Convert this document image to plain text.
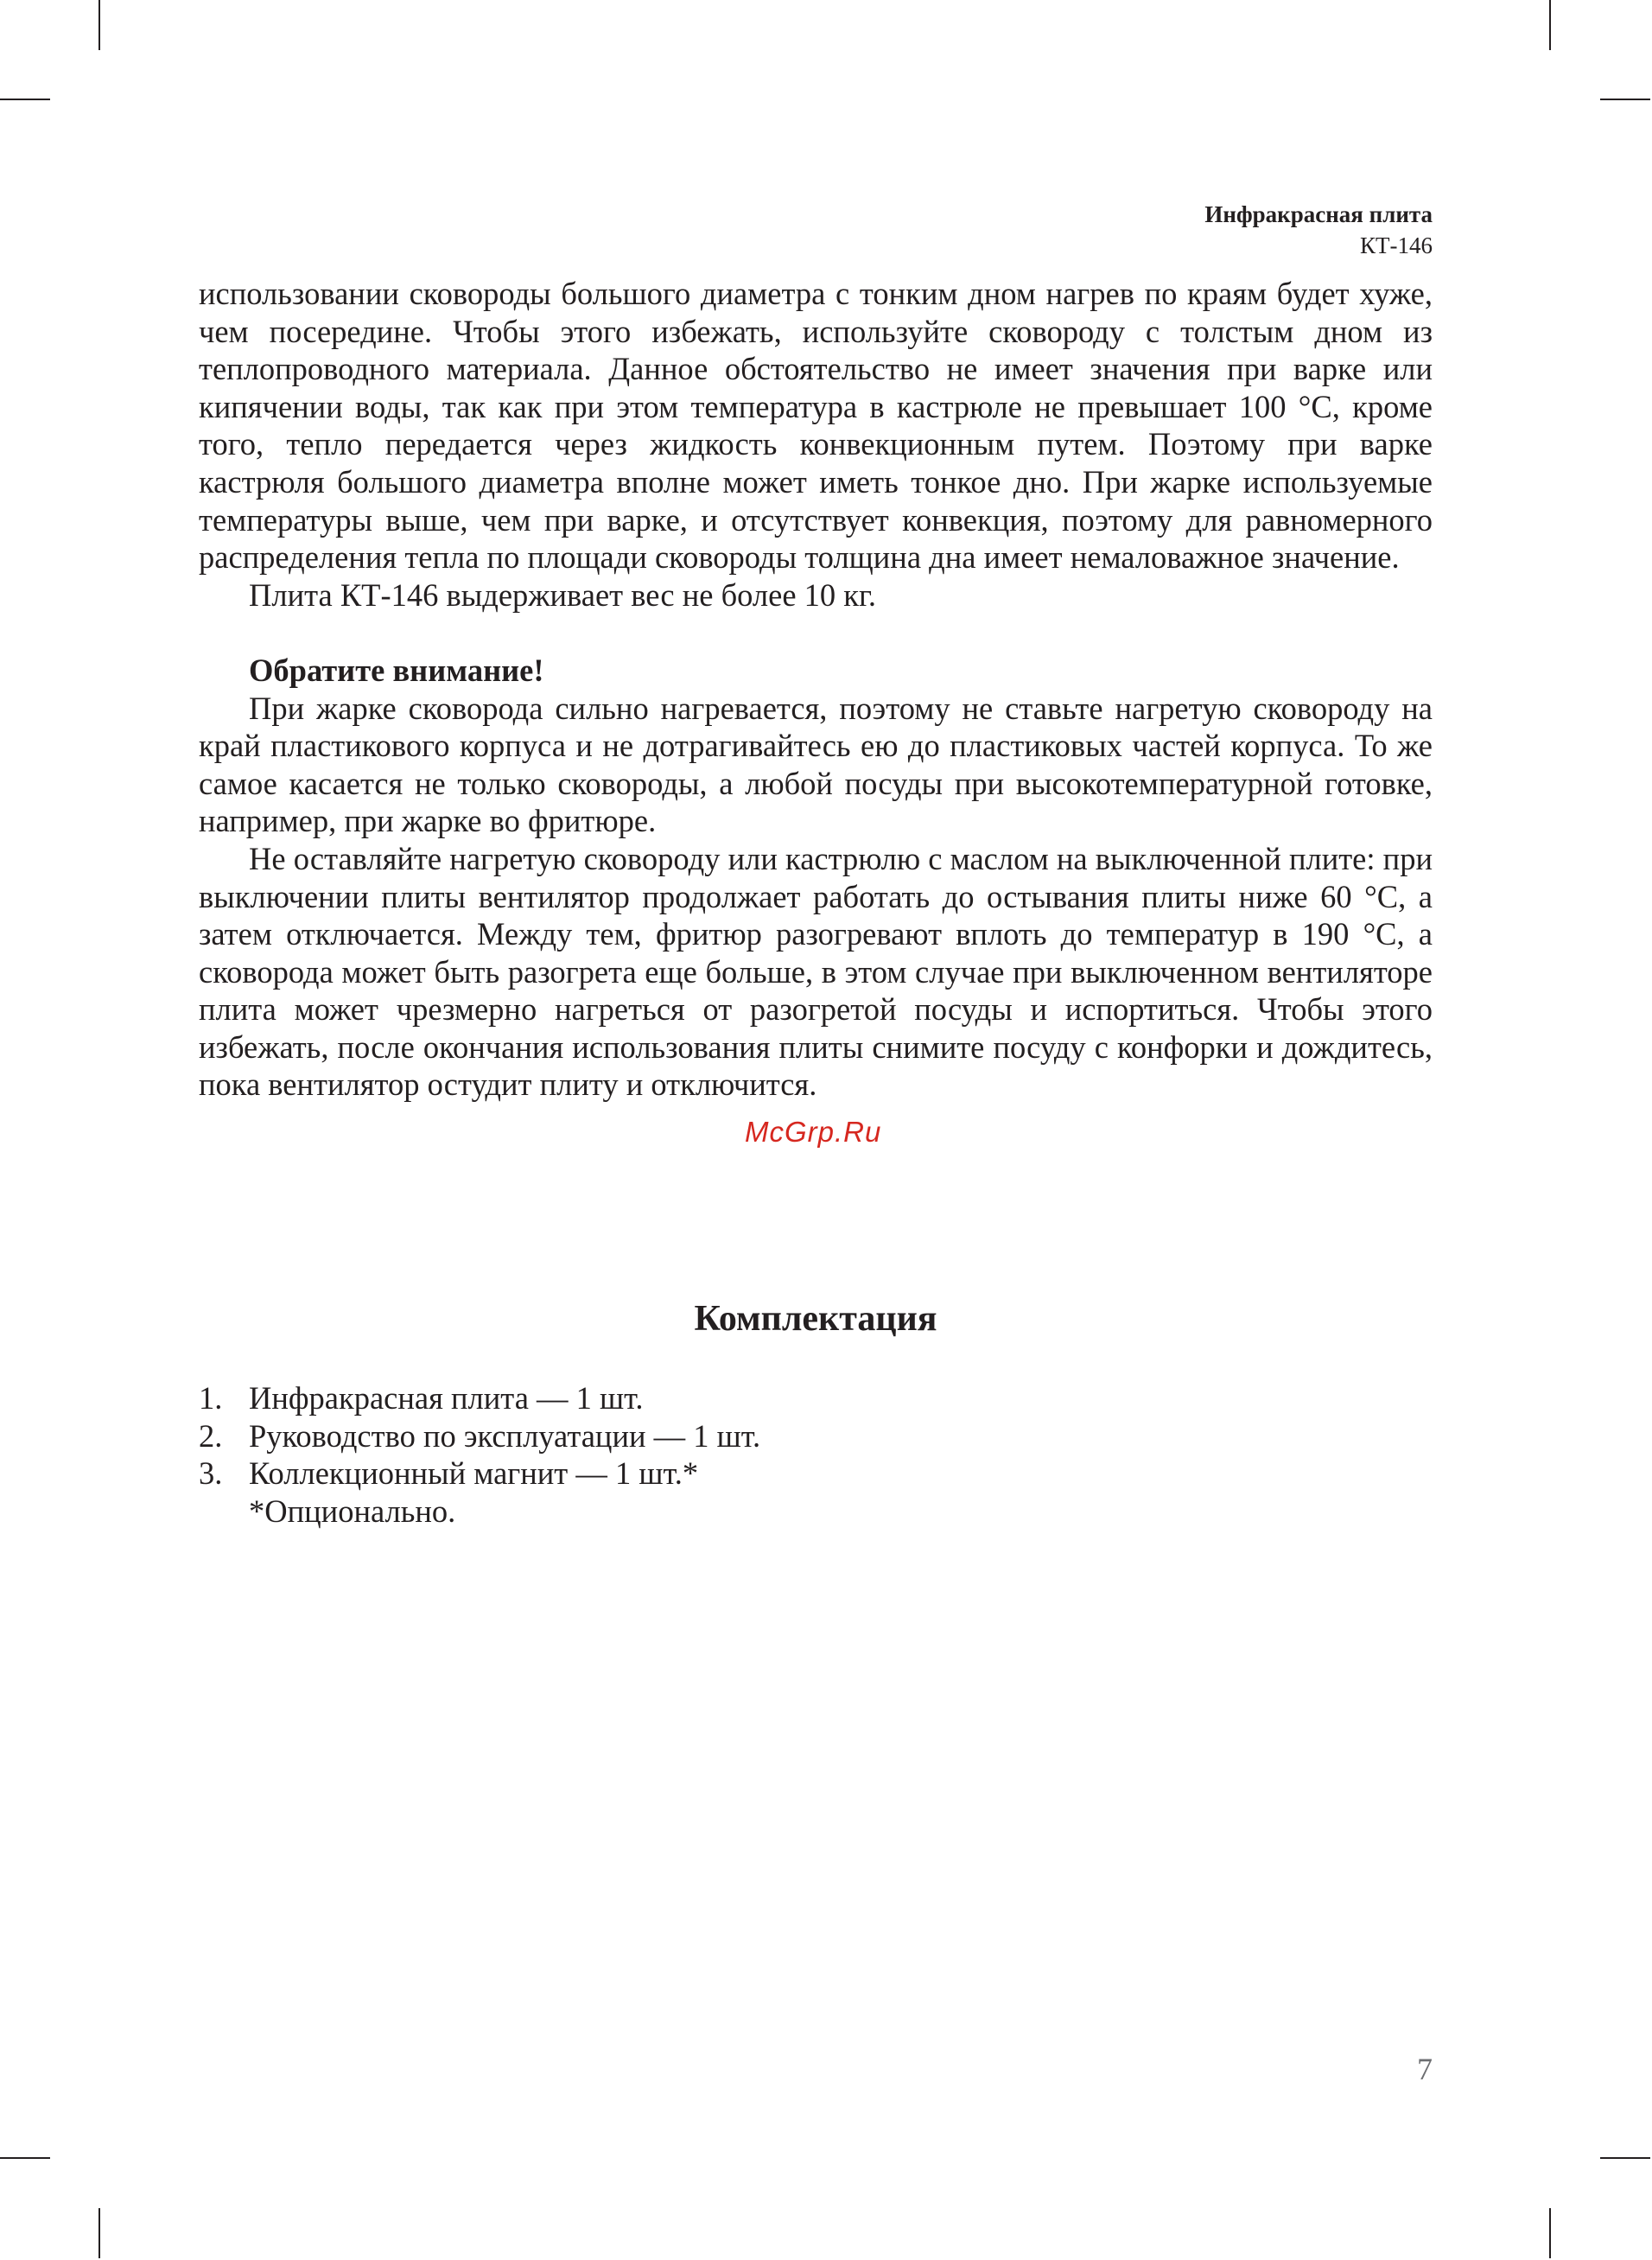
Инфракрасная плита
КТ-146

использовании сковороды большого диаметра с тонким дном нагрев по краям будет хуже, чем посередине. Чтобы этого избежать, используйте сковороду с толстым дном из теплопроводного материала. Данное обстоятельство не имеет значения при варке или кипячении воды, так как при этом температура в кастрюле не превышает 100 °С, кроме того, тепло передается через жидкость конвекционным путем. Поэтому при варке кастрюля большого диаметра вполне может иметь тонкое дно. При жарке используемые температуры выше, чем при варке, и отсутствует конвекция, поэтому для равномерного распределения тепла по площади сковороды толщина дна имеет немаловажное значение.

Плита КТ-146 выдерживает вес не более 10 кг.

Обратите внимание!

При жарке сковорода сильно нагревается, поэтому не ставьте нагретую сковороду на край пластикового корпуса и не дотрагивайтесь ею до пластиковых частей корпуса. То же самое касается не только сковороды, а любой посуды при высокотемпературной готовке, например, при жарке во фритюре.

Не оставляйте нагретую сковороду или кастрюлю с маслом на выключенной плите: при выключении плиты вентилятор продолжает работать до остывания плиты ниже 60 °С, а затем отключается. Между тем, фритюр разогревают вплоть до температур в 190 °С, а сковорода может быть разогрета еще больше, в этом случае при выключенном вентиляторе плита может чрезмерно нагреться от разогретой посуды и испортиться. Чтобы этого избежать, после окончания использования плиты снимите посуду с конфорки и дождитесь, пока вентилятор остудит плиту и отключится.

McGrp.Ru
Комплектация
1. Инфракрасная плита — 1 шт.
2. Руководство по эксплуатации — 1 шт.
3. Коллекционный магнит — 1 шт.*
*Опционально.
7
